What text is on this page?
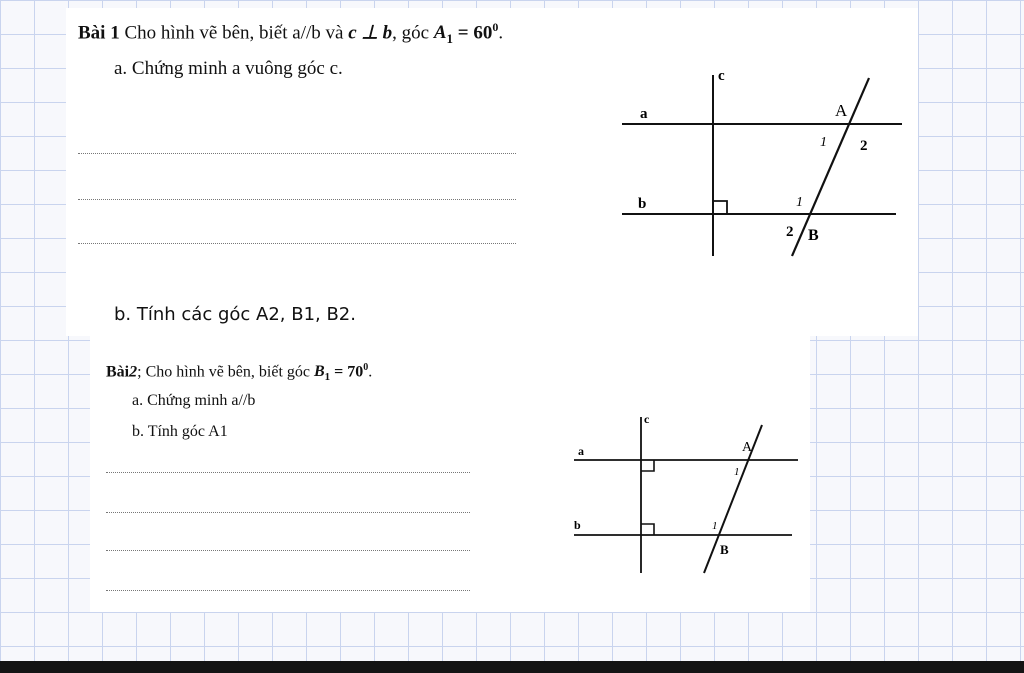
Bài 1 Cho hình vẽ bên, biết a//b và c ⊥ b, góc $A_1 = 60^0$.
a. Chứng minh a vuông góc c.
b. Tính các góc A2, B1, B2.
c
a
b
A
1 2
1
2 B
Bài2; Cho hình vẽ bên, biết góc $B_1 = 70^0$.
a. Chứng minh a//b
b. Tính góc A1
c
a
b
A
1
1
B
